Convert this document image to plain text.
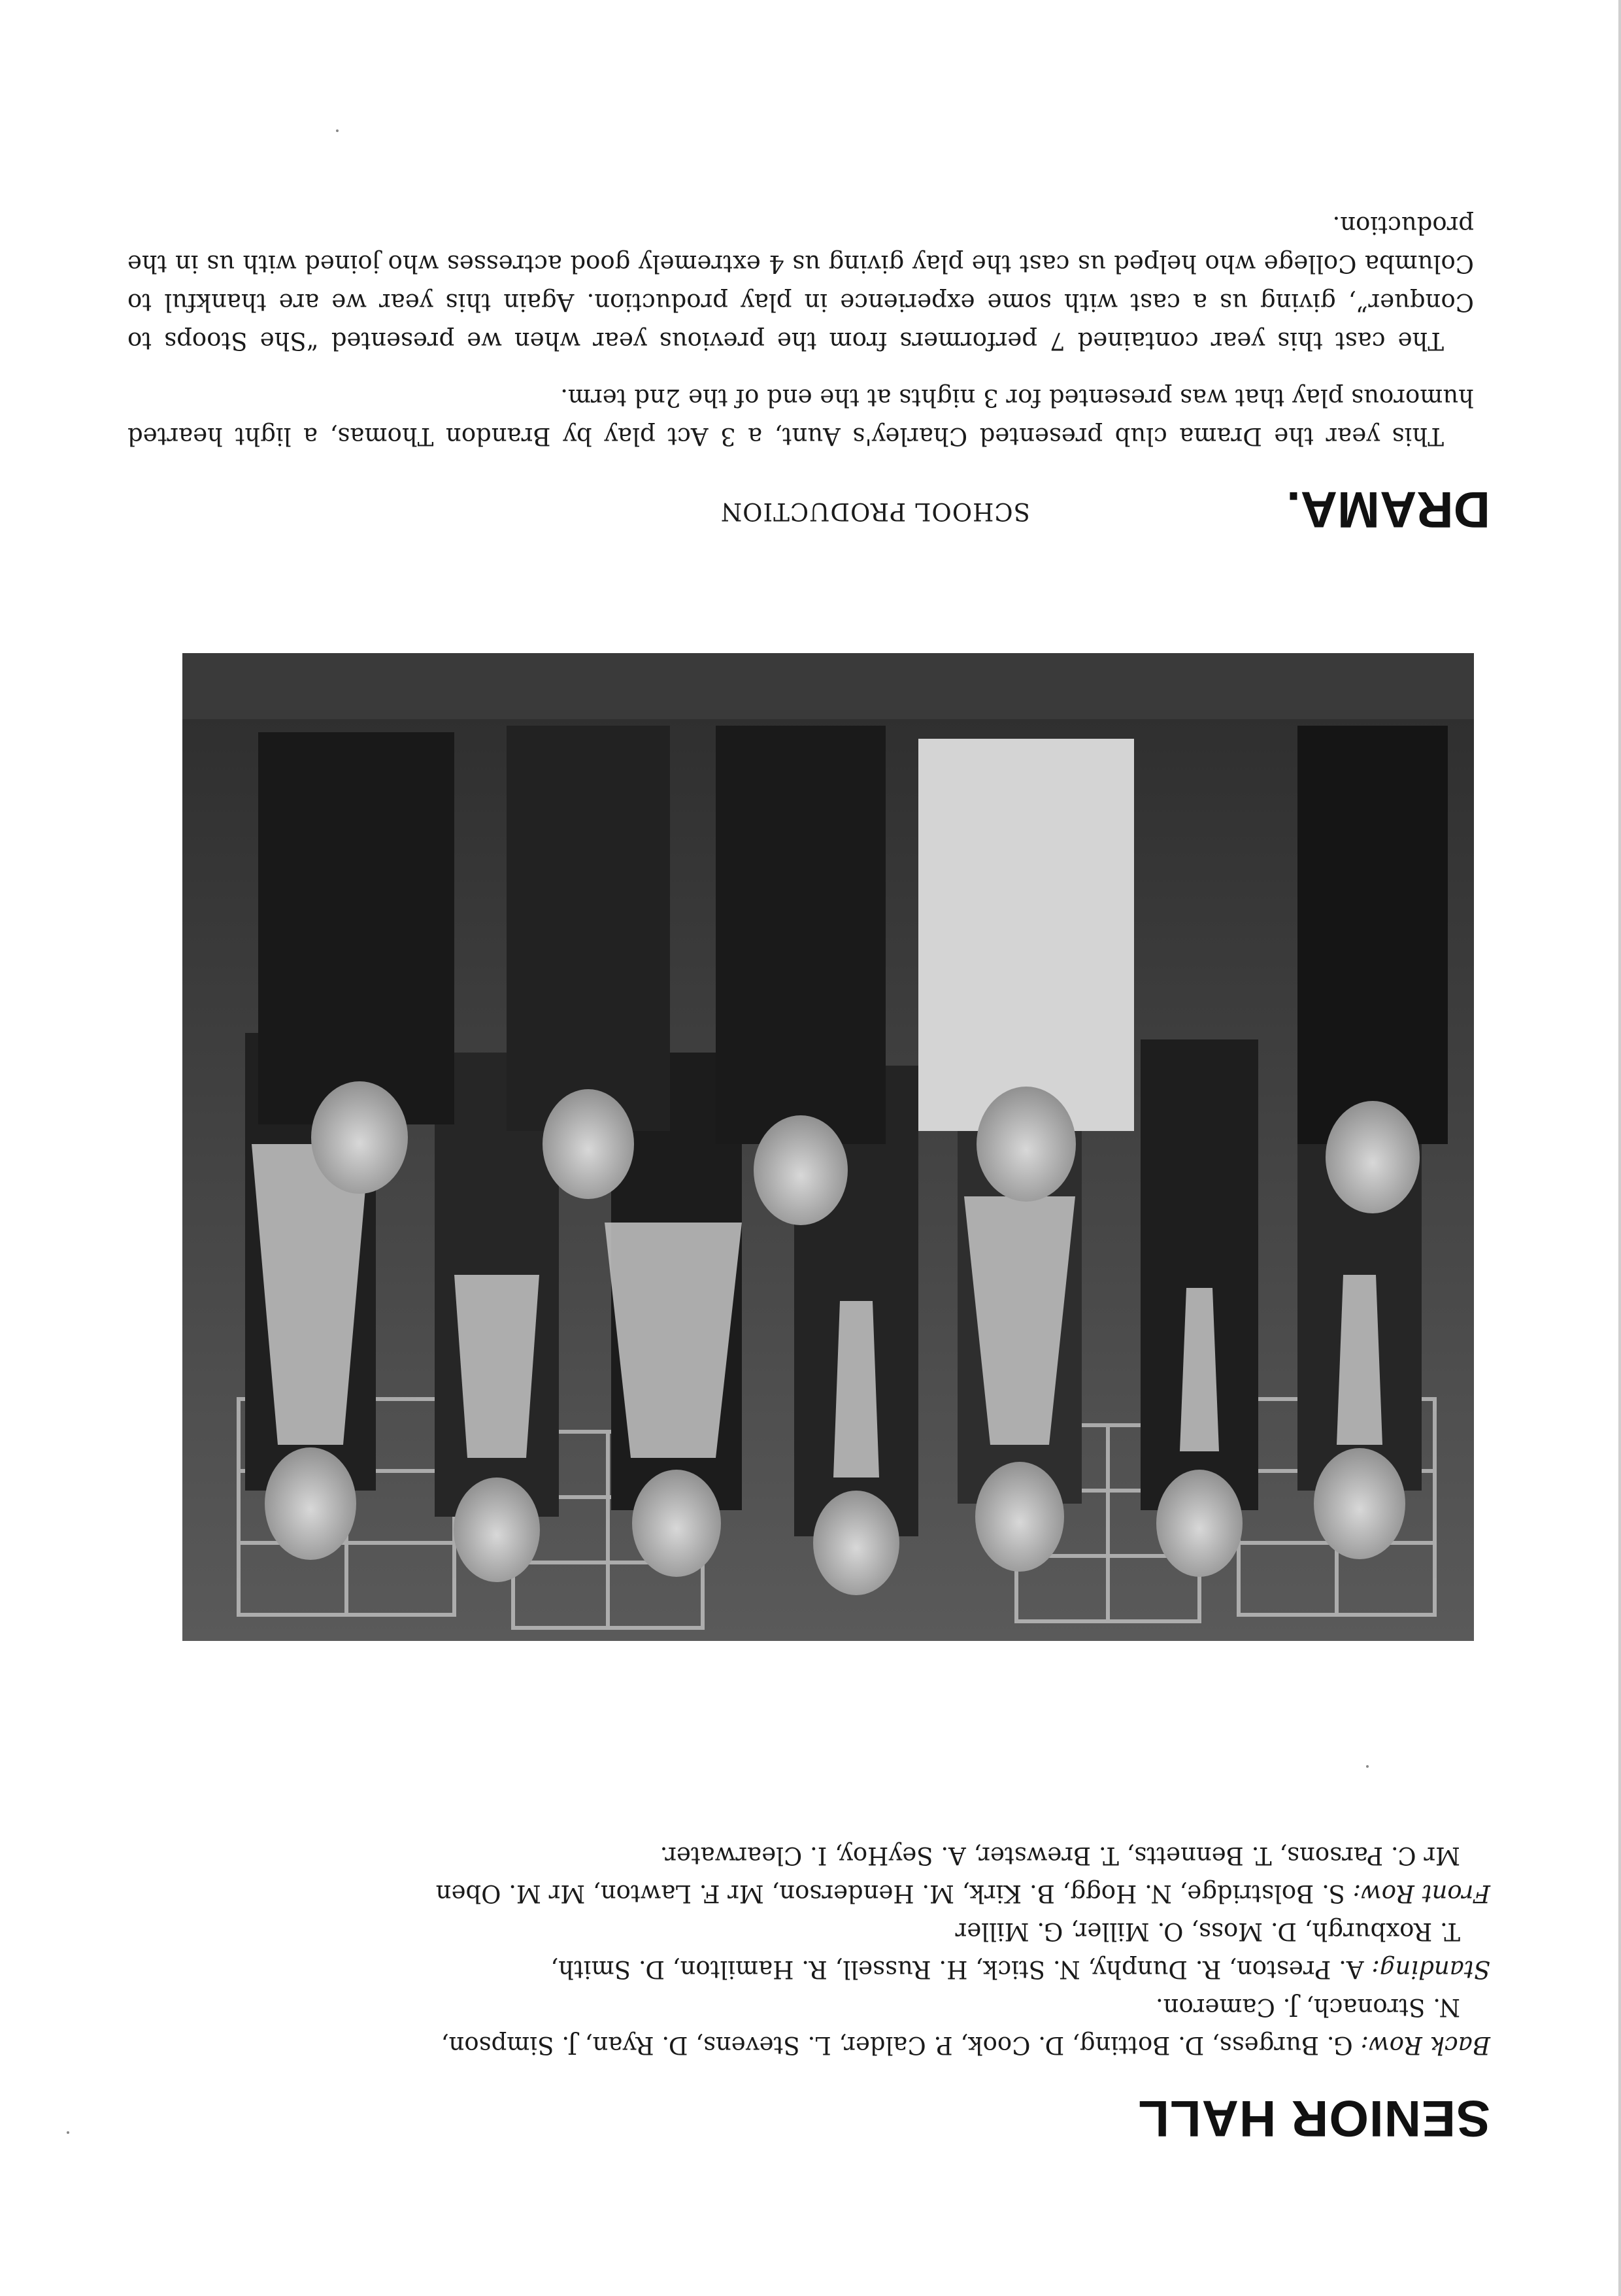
SENIOR HALL

Back Row: G. Burgess, D. Botting, D. Cook, P. Calder, L. Stevens, D. Ryan, J. Simpson,

N. Stronach, J. Cameron.

Standing: A. Preston, R. Dunphy, N. Stick, H. Russell, R. Hamilton, D. Smith,

T. Roxburgh, D. Moss, O. Miller, G. Miller

Front Row: S. Bolstridge, N. Hogg, B. Kirk, M. Henderson, Mr F. Lawton, Mr M. Oben

Mr C. Parsons, T. Bennetts, T. Brewster, A. SeyHoy, I. Clearwater.

DRAMA.
SCHOOL PRODUCTION

This year the Drama club presented Charley's Aunt, a 3 Act play by Brandon Thomas, a light hearted humorous play that was presented for 3 nights at the end of the 2nd term.

The cast this year contained 7 performers from the previous year when we presented “She Stoops to Conquer”, giving us a cast with some experience in play production. Again this year we are thankful to Columba College who helped us cast the play giving us 4 extremely good actresses who joined with us in the production.
